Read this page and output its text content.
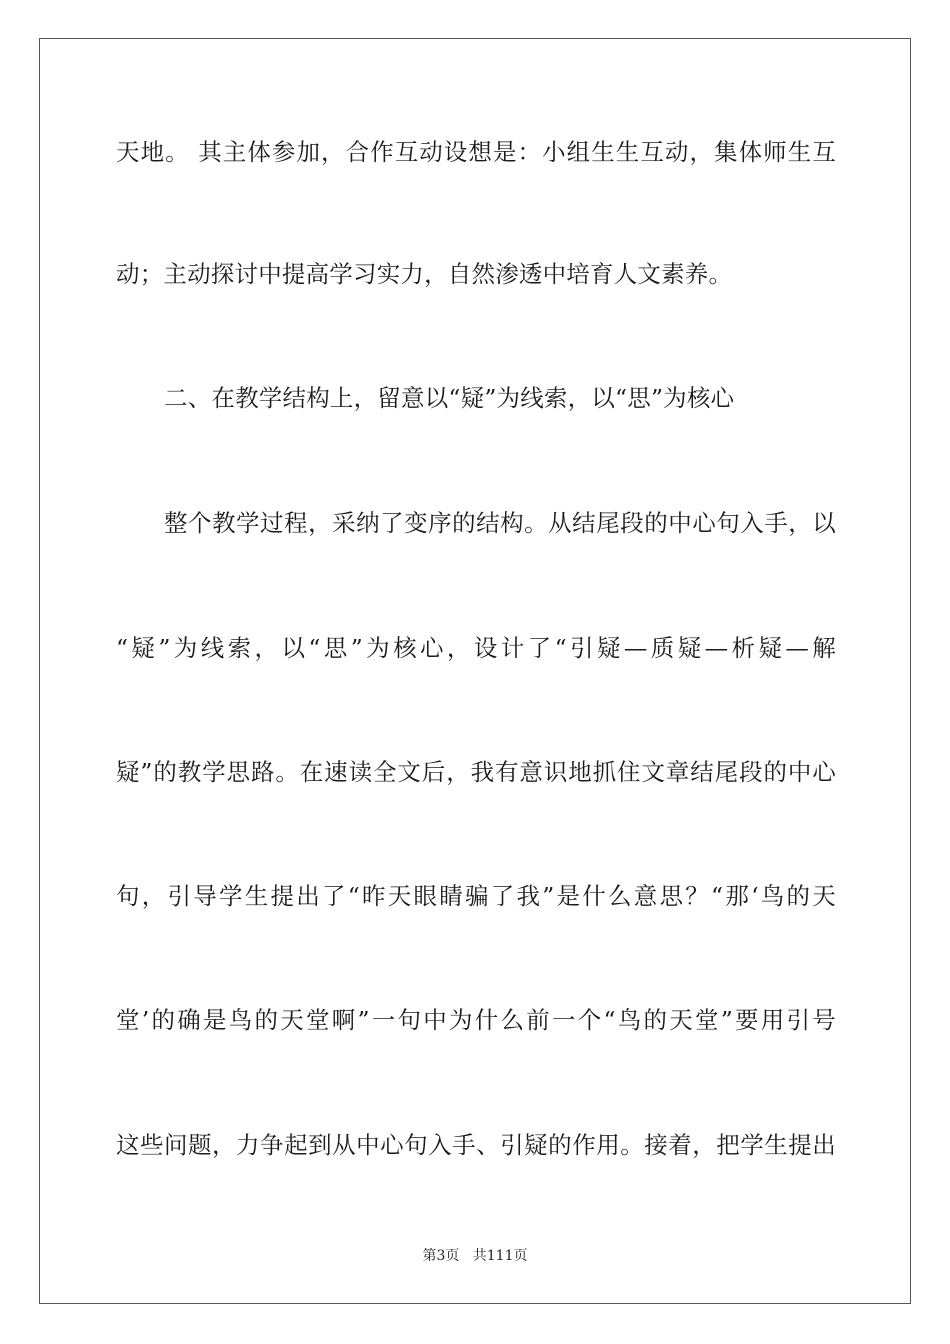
天地。 其主体参加，合作互动设想是：小组生生互动，集体师生互
动；主动探讨中提高学习实力，自然渗透中培育人文素养。
二、在教学结构上，留意以“疑”为线索，以“思”为核心
整个教学过程，采纳了变序的结构。从结尾段的中心句入手，以
“疑”为线索，以“思”为核心，设计了“引疑—质疑—析疑—解
疑”的教学思路。在速读全文后，我有意识地抓住文章结尾段的中心
句，引导学生提出了“昨天眼睛骗了我”是什么意思？“那‘鸟的天
堂’的确是鸟的天堂啊”一句中为什么前一个“鸟的天堂”要用引号
这些问题，力争起到从中心句入手、引疑的作用。接着，把学生提出
第3页 共111页
